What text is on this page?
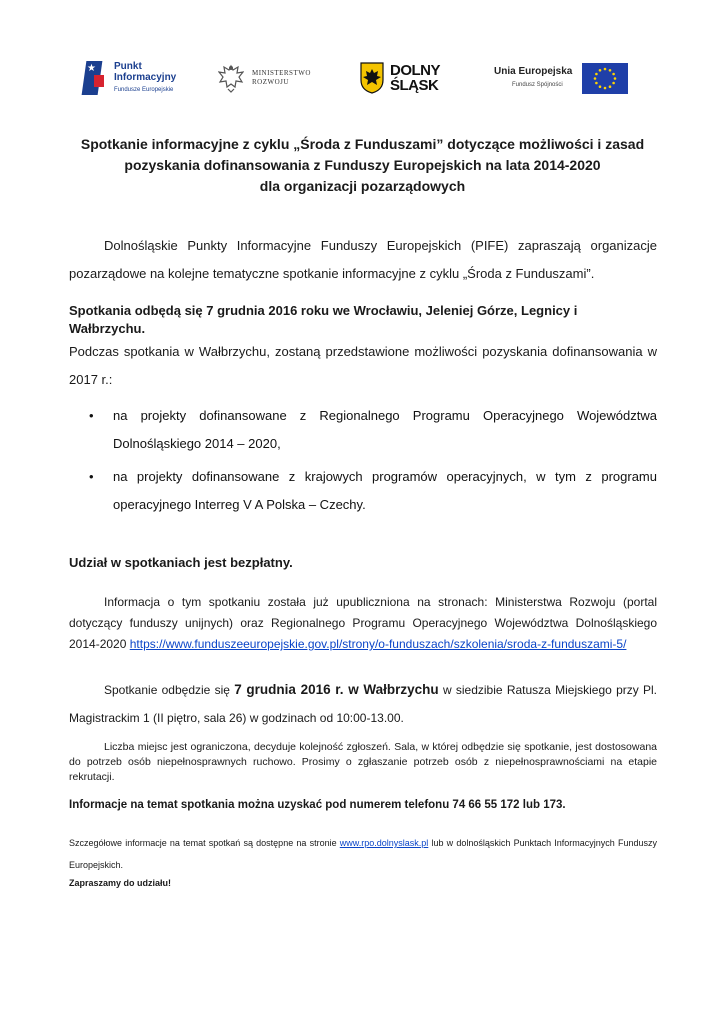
★ Punkt
Informacyjny
Fundusze Europejskie
MINISTERSTWO
ROZWOJU
DOLNY
ŚLĄSK
Unia Europejska
Fundusz Spójności
Spotkanie informacyjne z cyklu „Środa z Funduszami” dotyczące możliwości i zasad
pozyskania dofinansowania z Funduszy Europejskich na lata 2014-2020
dla organizacji pozarządowych
Dolnośląskie Punkty Informacyjne Funduszy Europejskich (PIFE) zapraszają organizacje pozarządowe na kolejne tematyczne spotkanie informacyjne z cyklu „Środa z Funduszami”.
Spotkania odbędą się 7 grudnia 2016 roku we Wrocławiu, Jeleniej Górze, Legnicy i Wałbrzychu.
Podczas spotkania w Wałbrzychu, zostaną przedstawione możliwości pozyskania dofinansowania w 2017 r.:
• na projekty dofinansowane z Regionalnego Programu Operacyjnego Województwa Dolnośląskiego 2014 – 2020,
• na projekty dofinansowane z krajowych programów operacyjnych, w tym z programu operacyjnego Interreg V A Polska – Czechy.
Udział w spotkaniach jest bezpłatny.
Informacja o tym spotkaniu została już upubliczniona na stronach: Ministerstwa Rozwoju (portal dotyczący funduszy unijnych) oraz Regionalnego Programu Operacyjnego Województwa Dolnośląskiego 2014-2020 https://www.funduszeeuropejskie.gov.pl/strony/o-funduszach/szkolenia/sroda-z-funduszami-5/
Spotkanie odbędzie się 7 grudnia 2016 r. w Wałbrzychu w siedzibie Ratusza Miejskiego przy Pl. Magistrackim 1 (II piętro, sala 26) w godzinach od 10:00-13.00.
Liczba miejsc jest ograniczona, decyduje kolejność zgłoszeń. Sala, w której odbędzie się spotkanie, jest dostosowana do potrzeb osób niepełnosprawnych ruchowo. Prosimy o zgłaszanie potrzeb osób z niepełnosprawnościami na etapie rekrutacji.
Informacje na temat spotkania można uzyskać pod numerem telefonu 74 66 55 172 lub 173.
Szczegółowe informacje na temat spotkań są dostępne na stronie www.rpo.dolnyslask.pl lub w dolnośląskich Punktach Informacyjnych Funduszy Europejskich.
Zapraszamy do udziału!
